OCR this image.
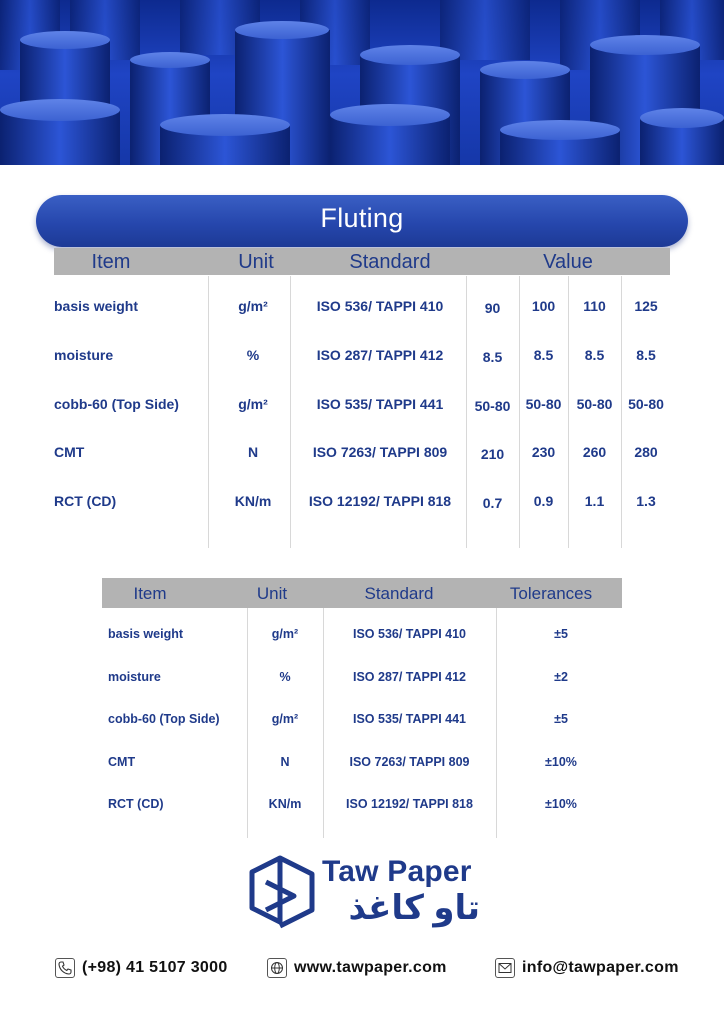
Fluting
Item	Unit	Standard	Value
basis weight	g/m²	ISO 536/ TAPPI 410	90	100	110	125
moisture	%	ISO 287/ TAPPI 412	8.5	8.5	8.5	8.5
cobb-60 (Top Side)	g/m²	ISO 535/ TAPPI 441	50-80	50-80	50-80	50-80
CMT	N	ISO 7263/ TAPPI 809	210	230	260	280
RCT (CD)	KN/m	ISO 12192/ TAPPI 818	0.7	0.9	1.1	1.3
Item	Unit	Standard	Tolerances
basis weight	g/m²	ISO 536/ TAPPI 410	±5
moisture	%	ISO 287/ TAPPI 412	±2
cobb-60 (Top Side)	g/m²	ISO 535/ TAPPI 441	±5
CMT	N	ISO 7263/ TAPPI 809	±10%
RCT (CD)	KN/m	ISO 12192/ TAPPI 818	±10%
Taw Paper
تاو کاغذ
(+98) 41 5107 3000	www.tawpaper.com	info@tawpaper.com
